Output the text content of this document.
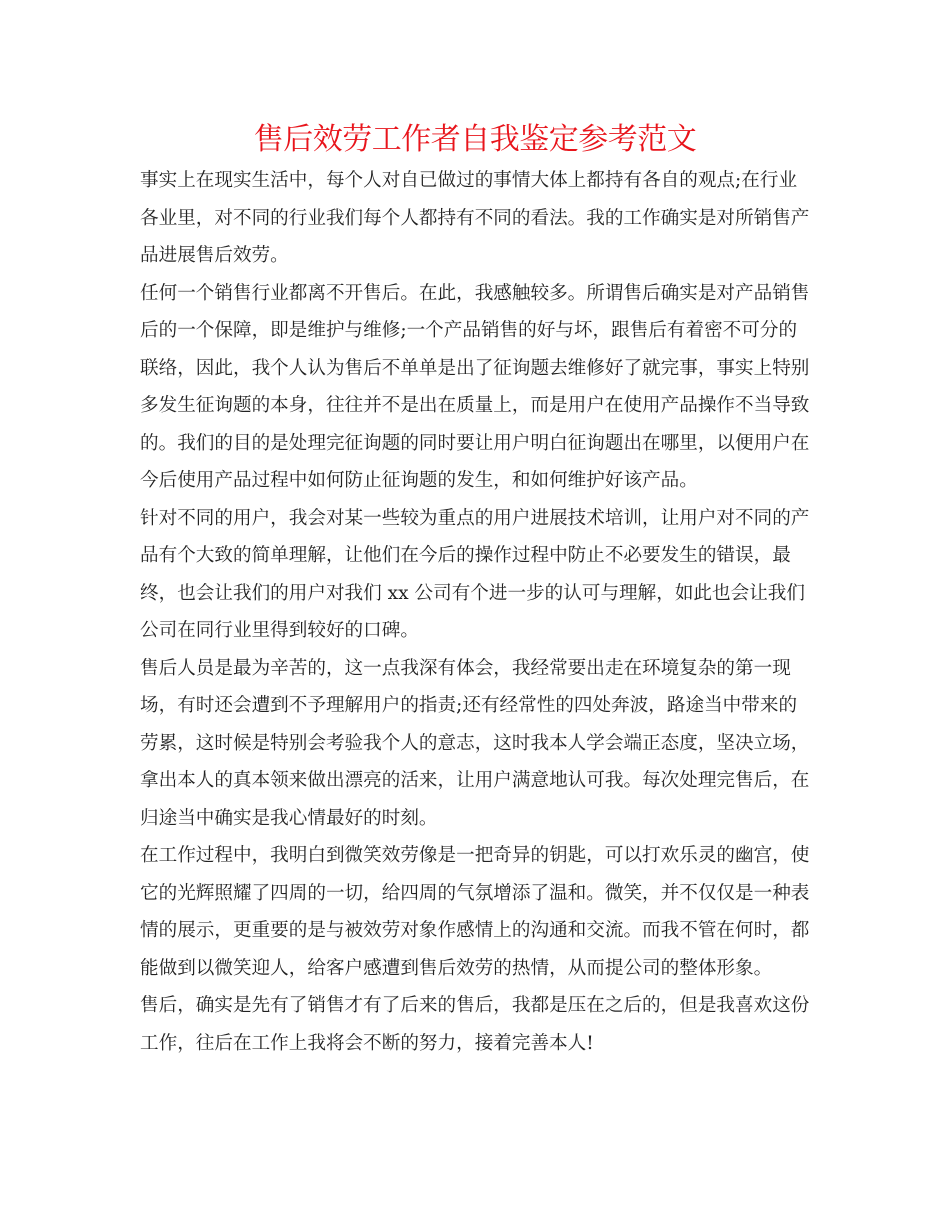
售后效劳工作者自我鉴定参考范文
事实上在现实生活中，每个人对自已做过的事情大体上都持有各自的观点;在行业
各业里，对不同的行业我们每个人都持有不同的看法。我的工作确实是对所销售产
品进展售后效劳。
任何一个销售行业都离不开售后。在此，我感触较多。所谓售后确实是对产品销售
后的一个保障，即是维护与维修;一个产品销售的好与坏，跟售后有着密不可分的
联络，因此，我个人认为售后不单单是出了征询题去维修好了就完事，事实上特别
多发生征询题的本身，往往并不是出在质量上，而是用户在使用产品操作不当导致
的。我们的目的是处理完征询题的同时要让用户明白征询题出在哪里，以便用户在
今后使用产品过程中如何防止征询题的发生，和如何维护好该产品。
针对不同的用户，我会对某一些较为重点的用户进展技术培训，让用户对不同的产
品有个大致的简单理解，让他们在今后的操作过程中防止不必要发生的错误，最
终，也会让我们的用户对我们 xx 公司有个进一步的认可与理解，如此也会让我们
公司在同行业里得到较好的口碑。
售后人员是最为辛苦的，这一点我深有体会，我经常要出走在环境复杂的第一现
场，有时还会遭到不予理解用户的指责;还有经常性的四处奔波，路途当中带来的
劳累，这时候是特别会考验我个人的意志，这时我本人学会端正态度，坚决立场，
拿出本人的真本领来做出漂亮的活来，让用户满意地认可我。每次处理完售后，在
归途当中确实是我心情最好的时刻。
在工作过程中，我明白到微笑效劳像是一把奇异的钥匙，可以打欢乐灵的幽宫，使
它的光辉照耀了四周的一切，给四周的气氛增添了温和。微笑，并不仅仅是一种表
情的展示，更重要的是与被效劳对象作感情上的沟通和交流。而我不管在何时，都
能做到以微笑迎人，给客户感遭到售后效劳的热情，从而提公司的整体形象。
售后，确实是先有了销售才有了后来的售后，我都是压在之后的，但是我喜欢这份
工作，往后在工作上我将会不断的努力，接着完善本人!
